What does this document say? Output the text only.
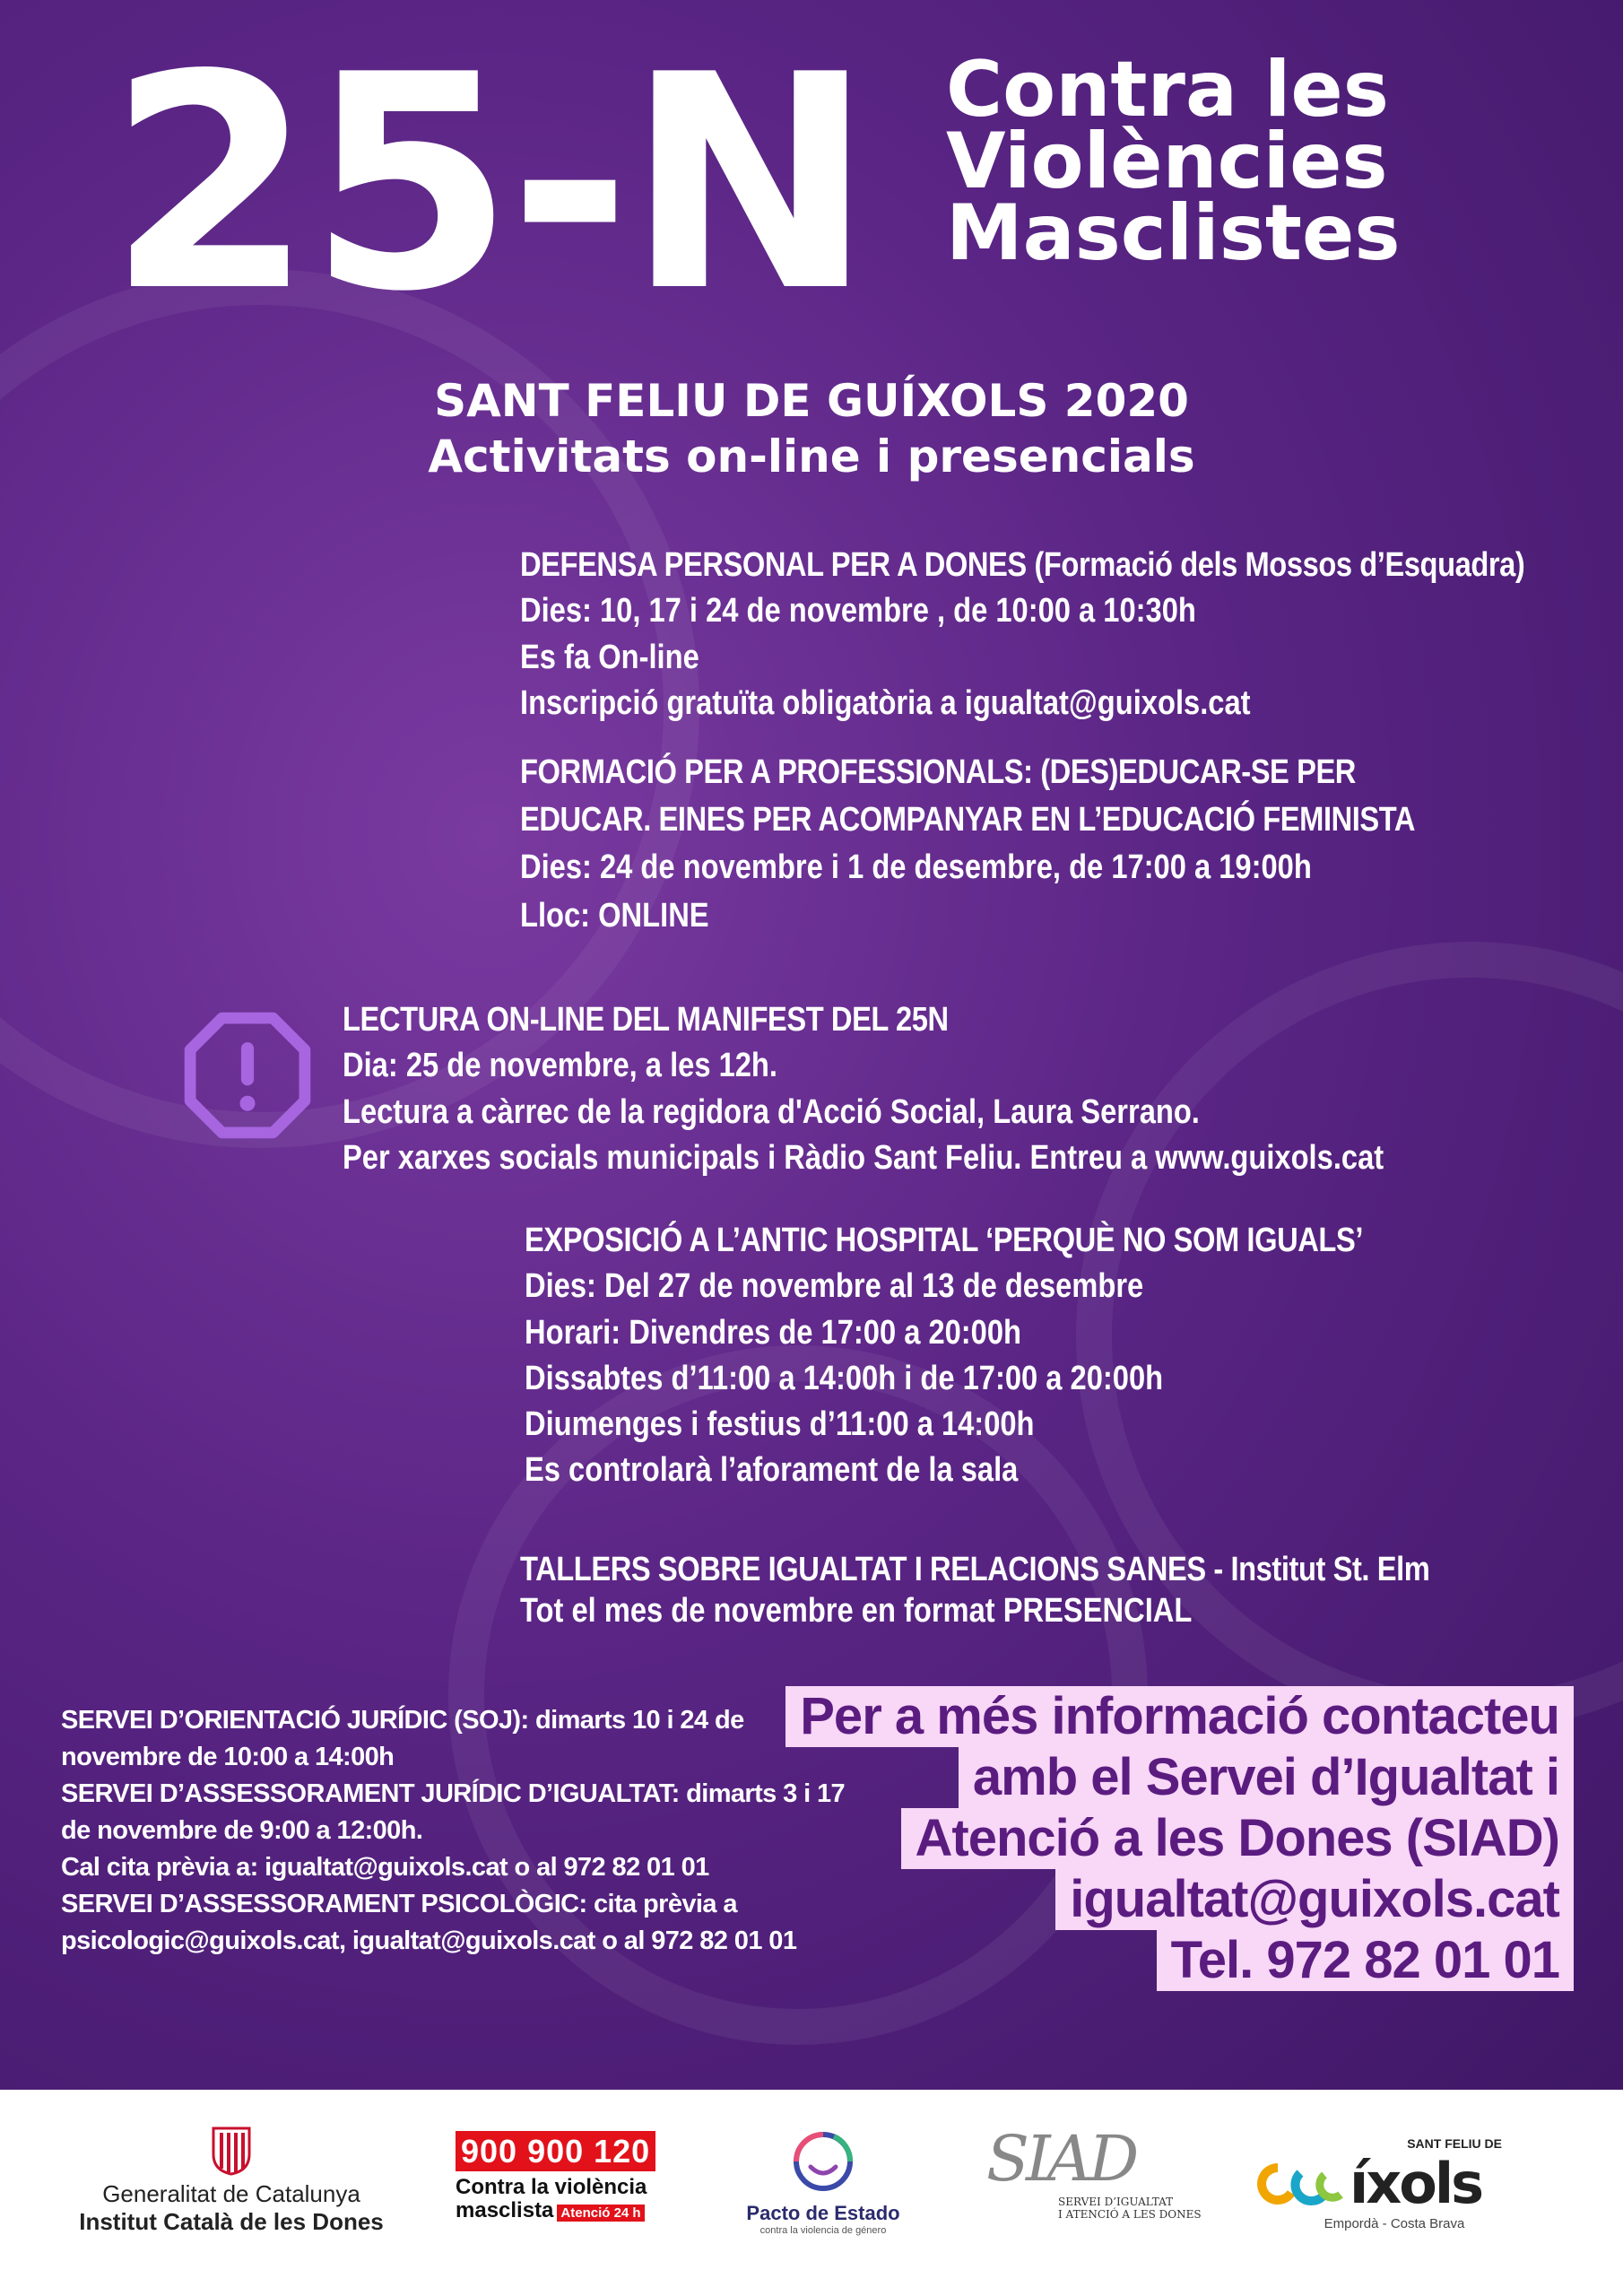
​
25-N Contra les
Violències
Masclistes
SANT FELIU DE GUÍXOLS 2020
Activitats on-line i presencials
DEFENSA PERSONAL PER A DONES (Formació dels Mossos d’Esquadra)
Dies: 10, 17 i 24 de novembre , de 10:00 a 10:30h
Es fa On-line
Inscripció gratuïta obligatòria a igualtat@guixols.cat
FORMACIÓ PER A PROFESSIONALS: (DES)EDUCAR-SE PER
EDUCAR. EINES PER ACOMPANYAR EN L’EDUCACIÓ FEMINISTA
Dies: 24 de novembre i 1 de desembre, de 17:00 a 19:00h
Lloc: ONLINE
LECTURA ON-LINE DEL MANIFEST DEL 25N
Dia: 25 de novembre, a les 12h.
Lectura a càrrec de la regidora d'Acció Social, Laura Serrano.
Per xarxes socials municipals i Ràdio Sant Feliu. Entreu a www.guixols.cat
EXPOSICIÓ A L’ANTIC HOSPITAL ‘PERQUÈ NO SOM IGUALS’
Dies: Del 27 de novembre al 13 de desembre
Horari: Divendres de 17:00 a 20:00h
Dissabtes d’11:00 a 14:00h i de 17:00 a 20:00h
Diumenges i festius d’11:00 a 14:00h
Es controlarà l’aforament de la sala
TALLERS SOBRE IGUALTAT I RELACIONS SANES - Institut St. Elm
Tot el mes de novembre en format PRESENCIAL
SERVEI D’ORIENTACIÓ JURÍDIC (SOJ): dimarts 10 i 24 de
novembre de 10:00 a 14:00h
SERVEI D’ASSESSORAMENT JURÍDIC D’IGUALTAT: dimarts 3 i 17
de novembre de 9:00 a 12:00h.
Cal cita prèvia a: igualtat@guixols.cat o al 972 82 01 01
SERVEI D’ASSESSORAMENT PSICOLÒGIC: cita prèvia a
psicologic@guixols.cat, igualtat@guixols.cat o al 972 82 01 01
Per a més informació contacteu
amb el Servei d’Igualtat i
Atenció a les Dones (SIAD)
igualtat@guixols.cat
Tel. 972 82 01 01
Generalitat de Catalunya
Institut Català de les Dones
900 900 120
Contra la violència
masclista Atenció 24 h	Pacto de Estado
contra la violencia de género
SIAD
SERVEI D’IGUALTAT
I ATENCIÓ A LES DONES
SANT FELIU DE
íxols
Empordà - Costa Brava
